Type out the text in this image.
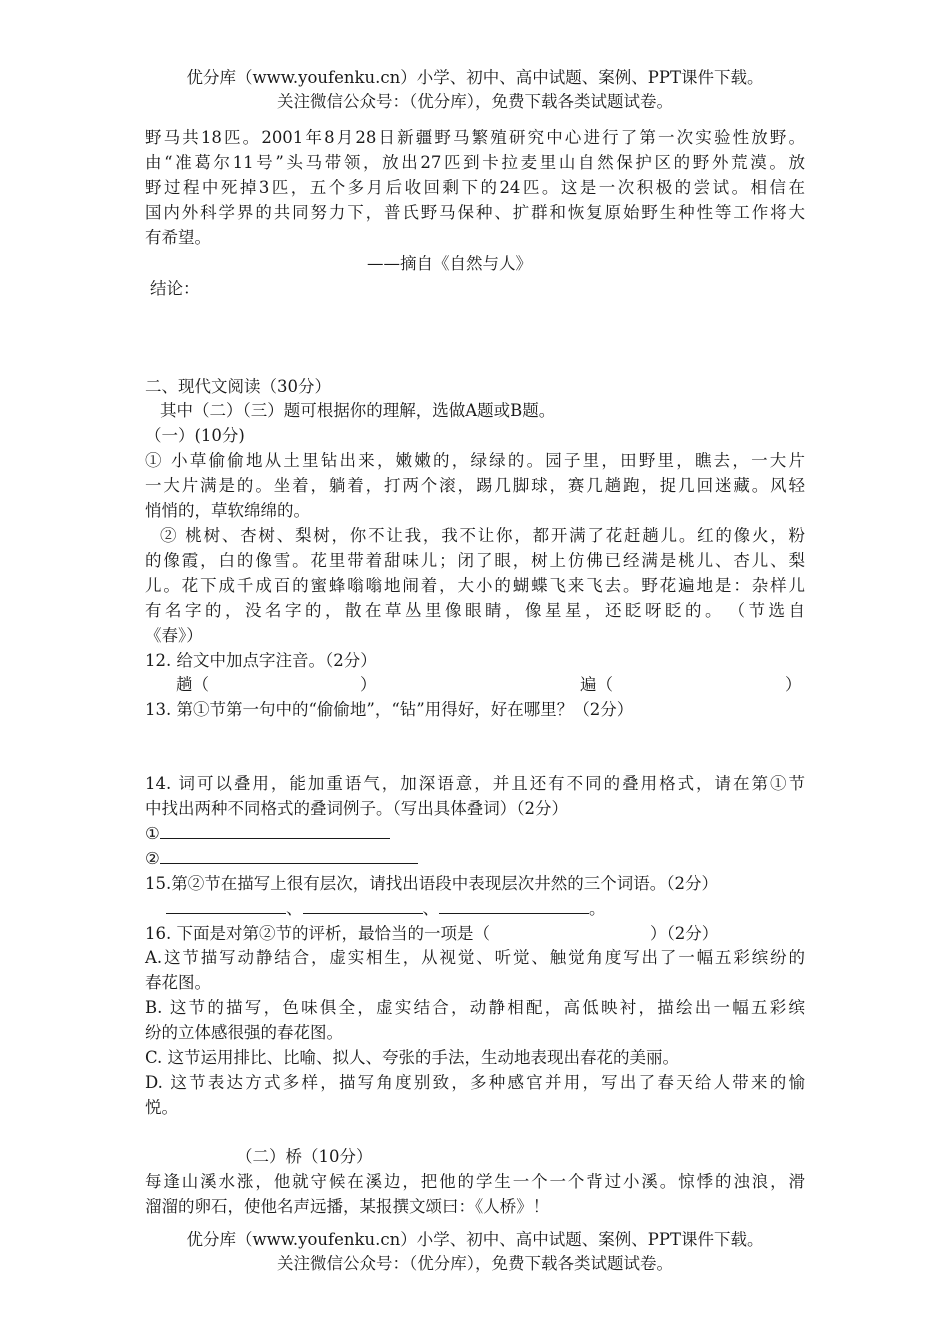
优分库（www.youfenku.cn）小学、初中、高中试题、案例、PPT课件下载。
关注微信公众号：（优分库），免费下载各类试题试卷。
野马共18匹。2001年8月28日新疆野马繁殖研究中心进行了第一次实验性放野。
由“准葛尔11号”头马带领，放出27匹到卡拉麦里山自然保护区的野外荒漠。放
野过程中死掉3匹，五个多月后收回剩下的24匹。这是一次积极的尝试。相信在
国内外科学界的共同努力下，普氏野马保种、扩群和恢复原始野生种性等工作将大
有希望。
——摘自《自然与人》
结论：
二、现代文阅读（30分）
其中（二）（三）题可根据你的理解，选做A题或B题。
（一）(10分)
① 小草偷偷地从土里钻出来，嫩嫩的，绿绿的。园子里，田野里，瞧去，一大片
一大片满是的。坐着，躺着，打两个滚，踢几脚球，赛几趟跑，捉几回迷藏。风轻
悄悄的，草软绵绵的。
② 桃树、杏树、梨树，你不让我，我不让你，都开满了花赶趟儿。红的像火，粉
的像霞，白的像雪。花里带着甜味儿；闭了眼，树上仿佛已经满是桃儿、杏儿、梨
儿。花下成千成百的蜜蜂嗡嗡地闹着，大小的蝴蝶飞来飞去。野花遍地是：杂样儿
有名字的，没名字的，散在草丛里像眼睛，像星星，还眨呀眨的。　（节选自
《春》）
12. 给文中加点字注音。（2分）
趟（	）	遍（	）
13. 第①节第一句中的“偷偷地”，“钻”用得好，好在哪里？（2分）
14. 词可以叠用，能加重语气，加深语意，并且还有不同的叠用格式，请在第①节
中找出两种不同格式的叠词例子。（写出具体叠词）（2分）
①
②
15.第②节在描写上很有层次，请找出语段中表现层次井然的三个词语。（2分）
、	、	。
16. 下面是对第②节的评析，最恰当的一项是（	）（2分）
A.这节描写动静结合，虚实相生，从视觉、听觉、触觉角度写出了一幅五彩缤纷的
春花图。
B. 这节的描写，色味俱全，虚实结合，动静相配，高低映衬，描绘出一幅五彩缤
纷的立体感很强的春花图。
C. 这节运用排比、比喻、拟人、夸张的手法，生动地表现出春花的美丽。
D. 这节表达方式多样，描写角度别致，多种感官并用，写出了春天给人带来的愉
悦。
（二）桥（10分）
每逢山溪水涨，他就守候在溪边，把他的学生一个一个背过小溪。惊悸的浊浪，滑
溜溜的卵石，使他名声远播，某报撰文颂曰：《人桥》！
优分库（www.youfenku.cn）小学、初中、高中试题、案例、PPT课件下载。
关注微信公众号：（优分库），免费下载各类试题试卷。
